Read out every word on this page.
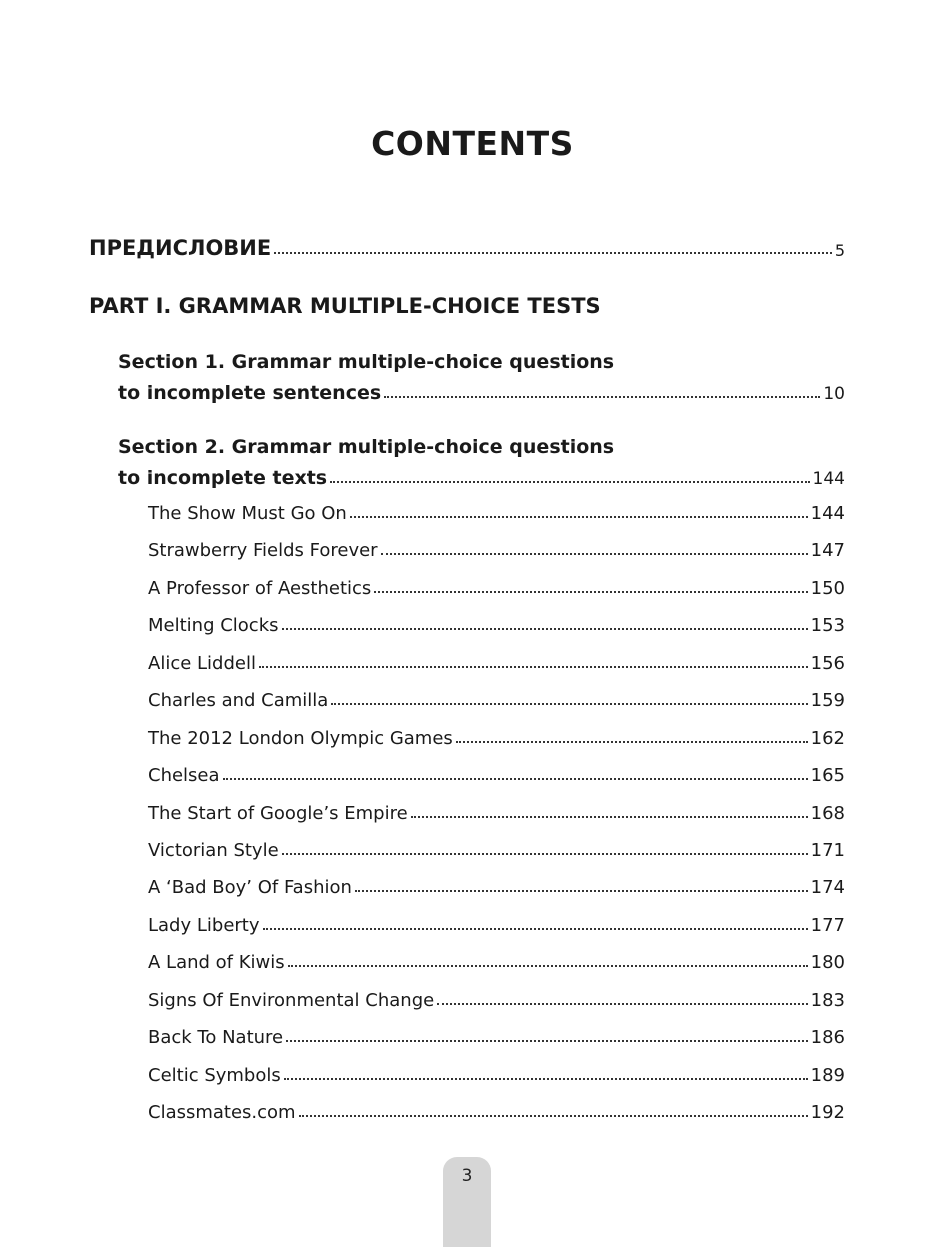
CONTENTS
ПРЕДИСЛОВИЕ	5
PART I. GRAMMAR MULTIPLE-CHOICE TESTS
Section 1. Grammar multiple-choice questions
to incomplete sentences	10
Section 2. Grammar multiple-choice questions
to incomplete texts	144
The Show Must Go On	144
Strawberry Fields Forever	147
A Professor of Aesthetics	150
Melting Clocks	153
Alice Liddell	156
Charles and Camilla	159
The 2012 London Olympic Games	162
Chelsea	165
The Start of Google’s Empire	168
Victorian Style	171
A ‘Bad Boy’ Of Fashion	174
Lady Liberty	177
A Land of Kiwis	180
Signs Of Environmental Change	183
Back To Nature	186
Celtic Symbols	189
Classmates.com	192
3
